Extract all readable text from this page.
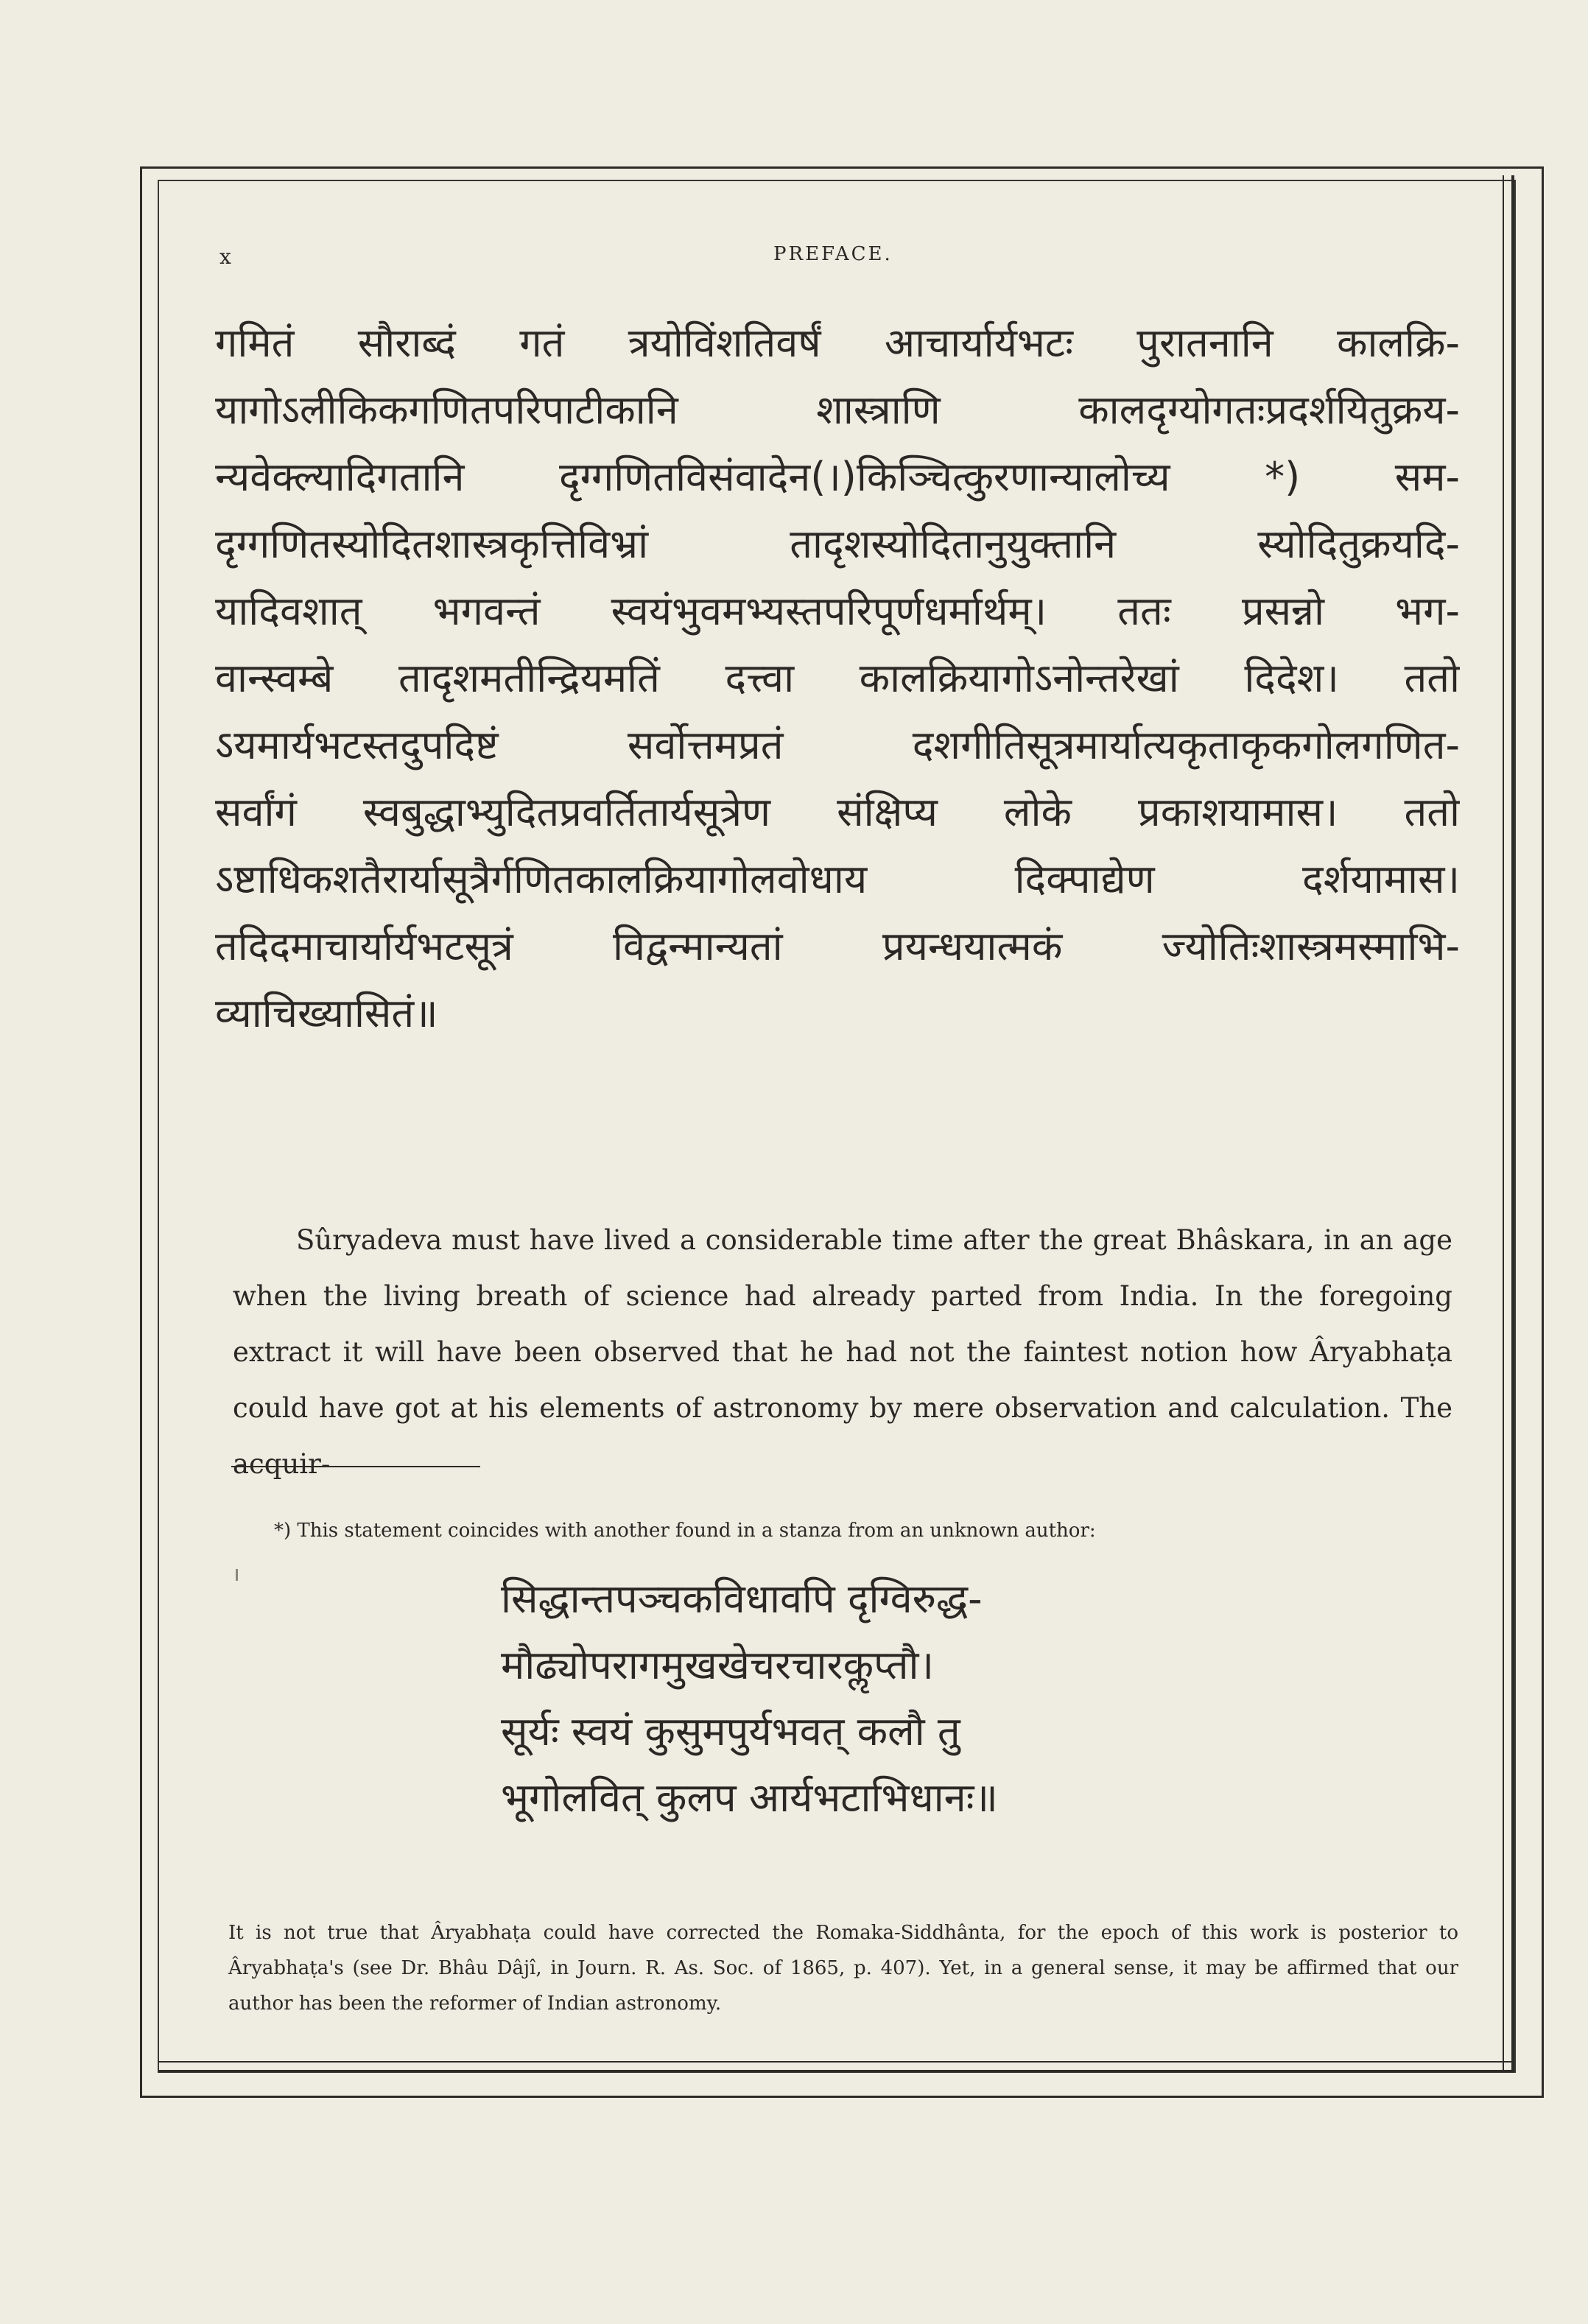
x	PREFACE.
गमितं सौराब्दं गतं त्रयोविंशतिवर्षं आचार्यार्यभटः पुरातनानि कालक्रि-
यागोऽलीकिकगणितपरिपाटीकानि शास्त्राणि कालदृग्योगतःप्रदर्शयितुक्रय-
न्यवेक्ल्यादिगतानि दृग्गणितविसंवादेन(।)किञ्चित्कुरणान्यालोच्य *) सम-
दृग्गणितस्योदितशास्त्रकृत्तिविभ्रां तादृशस्योदितानुयुक्तानि स्योदितुक्रयदि-
यादिवशात् भगवन्तं स्वयंभुवमभ्यस्तपरिपूर्णधर्मार्थम्। ततः प्रसन्नो भग-
वान्स्वम्बे तादृशमतीन्द्रियमतिं दत्त्वा कालक्रियागोऽनोन्तरेखां दिदेश। ततो
ऽयमार्यभटस्तदुपदिष्टं सर्वोत्तमप्रतं दशगीतिसूत्रमार्यात्यकृताकृकगोलगणित-
सर्वांगं स्वबुद्धाभ्युदितप्रवर्तितार्यसूत्रेण संक्षिप्य लोके प्रकाशयामास। ततो
ऽष्टाधिकशतैरार्यासूत्रैर्गणितकालक्रियागोलवोधाय दिक्पाद्येण दर्शयामास।
तदिदमाचार्यार्यभटसूत्रं विद्वन्मान्यतां प्रयन्धयात्मकं ज्योतिःशास्त्रमस्माभि-
व्याचिख्यासितं॥
Sûryadeva must have lived a considerable time after the great Bhâskara, in an age when the living breath of science had already parted from India. In the foregoing extract it will have been observed that he had not the faintest notion how Âryabhaṭa could have got at his elements of astronomy by mere observation and calculation. The acquir-
*) This statement coincides with another found in a stanza from an unknown author:
सिद्धान्तपञ्चकविधावपि दृग्विरुद्ध-
मौढ्योपरागमुखखेचरचारकॢप्तौ।
सूर्यः स्वयं कुसुमपुर्यभवत् कलौ तु
भूगोलवित् कुलप आर्यभटाभिधानः॥
It is not true that Âryabhaṭa could have corrected the Romaka-Siddhânta, for the epoch of this work is posterior to Âryabhaṭa's (see Dr. Bhâu Dâjî, in Journ. R. As. Soc. of 1865, p. 407). Yet, in a general sense, it may be affirmed that our author has been the reformer of Indian astronomy.
